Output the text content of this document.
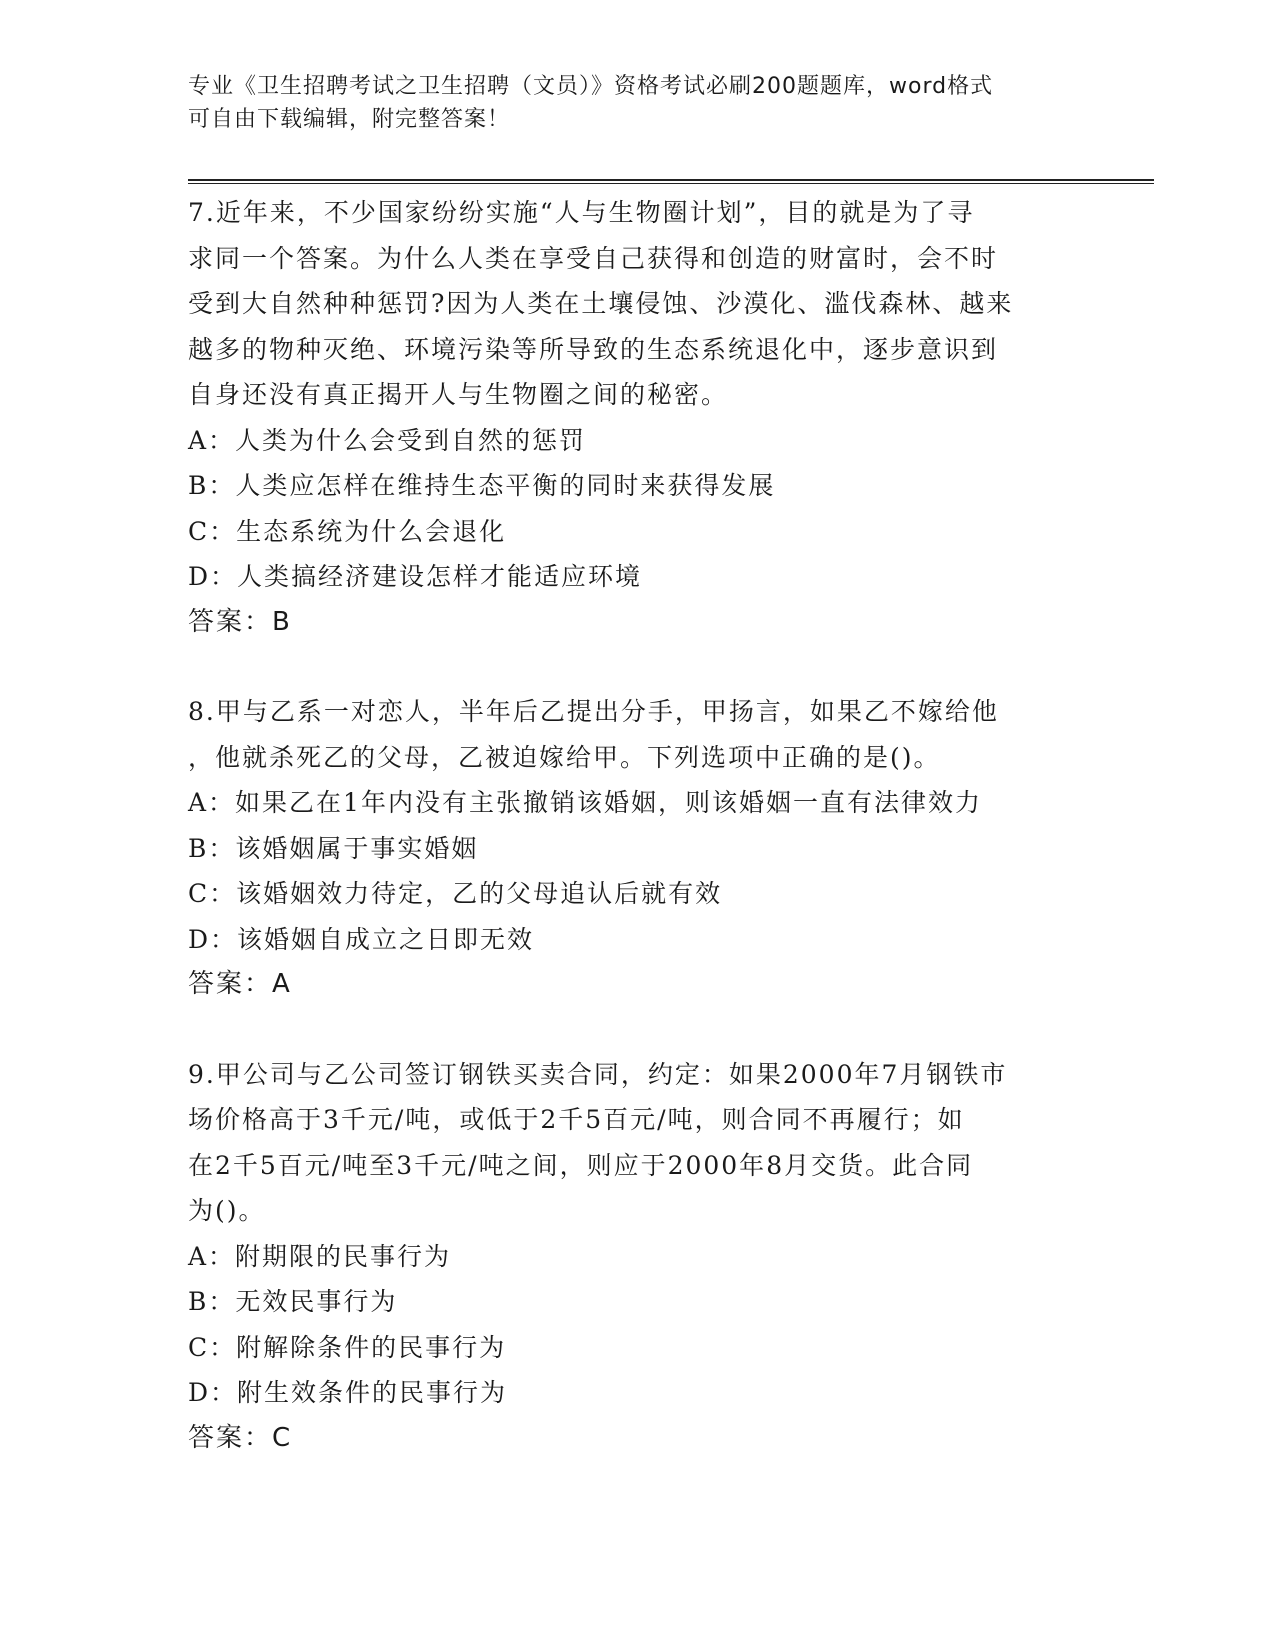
专业《卫生招聘考试之卫生招聘（文员）》资格考试必刷200题题库，word格式
可自由下载编辑，附完整答案！

7.近年来，不少国家纷纷实施“人与生物圈计划”，目的就是为了寻

求同一个答案。为什么人类在享受自己获得和创造的财富时，会不时

受到大自然种种惩罚?因为人类在土壤侵蚀、沙漠化、滥伐森林、越来

越多的物种灭绝、环境污染等所导致的生态系统退化中，逐步意识到

自身还没有真正揭开人与生物圈之间的秘密。

A：人类为什么会受到自然的惩罚

B：人类应怎样在维持生态平衡的同时来获得发展

C：生态系统为什么会退化

D：人类搞经济建设怎样才能适应环境

答案：B

8.甲与乙系一对恋人，半年后乙提出分手，甲扬言，如果乙不嫁给他

，他就杀死乙的父母，乙被迫嫁给甲。下列选项中正确的是()。

A：如果乙在1年内没有主张撤销该婚姻，则该婚姻一直有法律效力

B：该婚姻属于事实婚姻

C：该婚姻效力待定，乙的父母追认后就有效

D：该婚姻自成立之日即无效

答案：A

9.甲公司与乙公司签订钢铁买卖合同，约定：如果2000年7月钢铁市

场价格高于3千元/吨，或低于2千5百元/吨，则合同不再履行；如

在2千5百元/吨至3千元/吨之间，则应于2000年8月交货。此合同

为()。

A：附期限的民事行为

B：无效民事行为

C：附解除条件的民事行为

D：附生效条件的民事行为

答案：C
